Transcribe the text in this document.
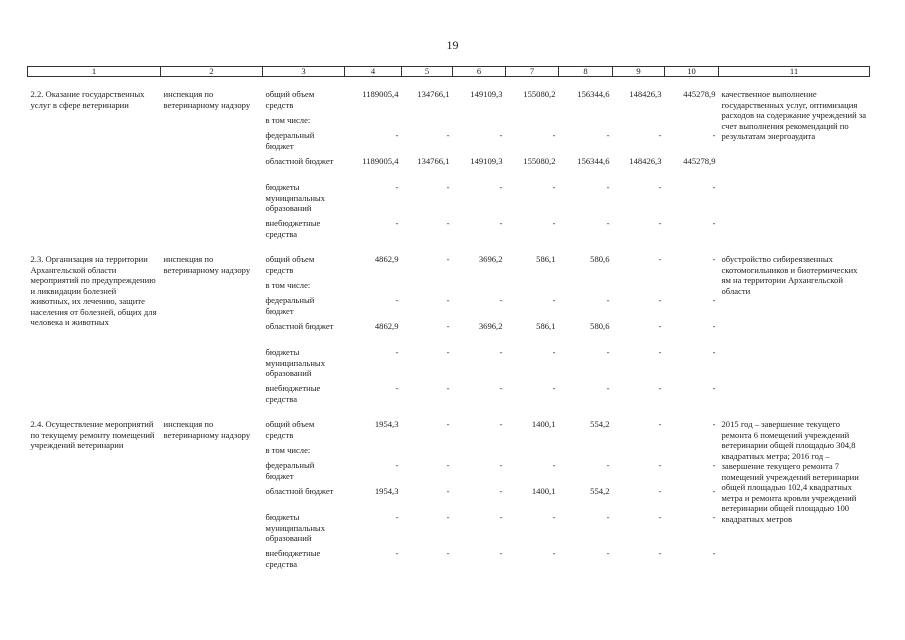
19
1	2	3	4	5	6	7	8	9	10	11

2.2. Оказание государственных услуг в сфере ветеринарии	инспекция по ветеринарному надзору	общий объем средств	1189005,4	134766,1	149109,3	155080,2	156344,6	148426,3	445278,9	качественное выполнение государственных услуг, оптимизация расходов на содержание учреждений за счет выполнения рекомендаций по результатам энергоаудита
		в том числе:								
		федеральный бюджет	-	-	-	-	-	-	-	
		областной бюджет	1189005,4	134766,1	149109,3	155080,2	156344,6	148426,3	445278,9	
		бюджеты муниципальных образований	-	-	-	-	-	-	-	
		внебюджетные средства	-	-	-	-	-	-	-	

2.3. Организация на территории Архангельской области мероприятий по предупреждению и ликвидации болезней животных, их лечению, защите населения от болезней, общих для человека и животных	инспекция по ветеринарному надзору	общий объем средств	4862,9	-	3696,2	586,1	580,6	-	-	обустройство сибиреязвенных скотомогильников и биотермических ям на территории Архангельской области
		в том числе:								
		федеральный бюджет	-	-	-	-	-	-	-	
		областной бюджет	4862,9	-	3696,2	586,1	580,6	-	-	
		бюджеты муниципальных образований	-	-	-	-	-	-	-	
		внебюджетные средства	-	-	-	-	-	-	-	

2.4. Осуществление мероприятий по текущему ремонту помещений учреждений ветеринарии	инспекция по ветеринарному надзору	общий объем средств	1954,3	-	-	1400,1	554,2	-	-	2015 год – завершение текущего ремонта 6 помещений учреждений ветеринарии общей площадью 304,8 квадратных метра; 2016 год – завершение текущего ремонта 7 помещений учреждений ветеринарии общей площадью 102,4 квадратных метра и ремонта кровли учреждений ветеринарии общей площадью 100 квадратных метров
		в том числе:								
		федеральный бюджет	-	-	-	-	-	-	-	
		областной бюджет	1954,3	-	-	1400,1	554,2	-	-	
		бюджеты муниципальных образований	-	-	-	-	-	-	-	
		внебюджетные средства	-	-	-	-	-	-	-	
